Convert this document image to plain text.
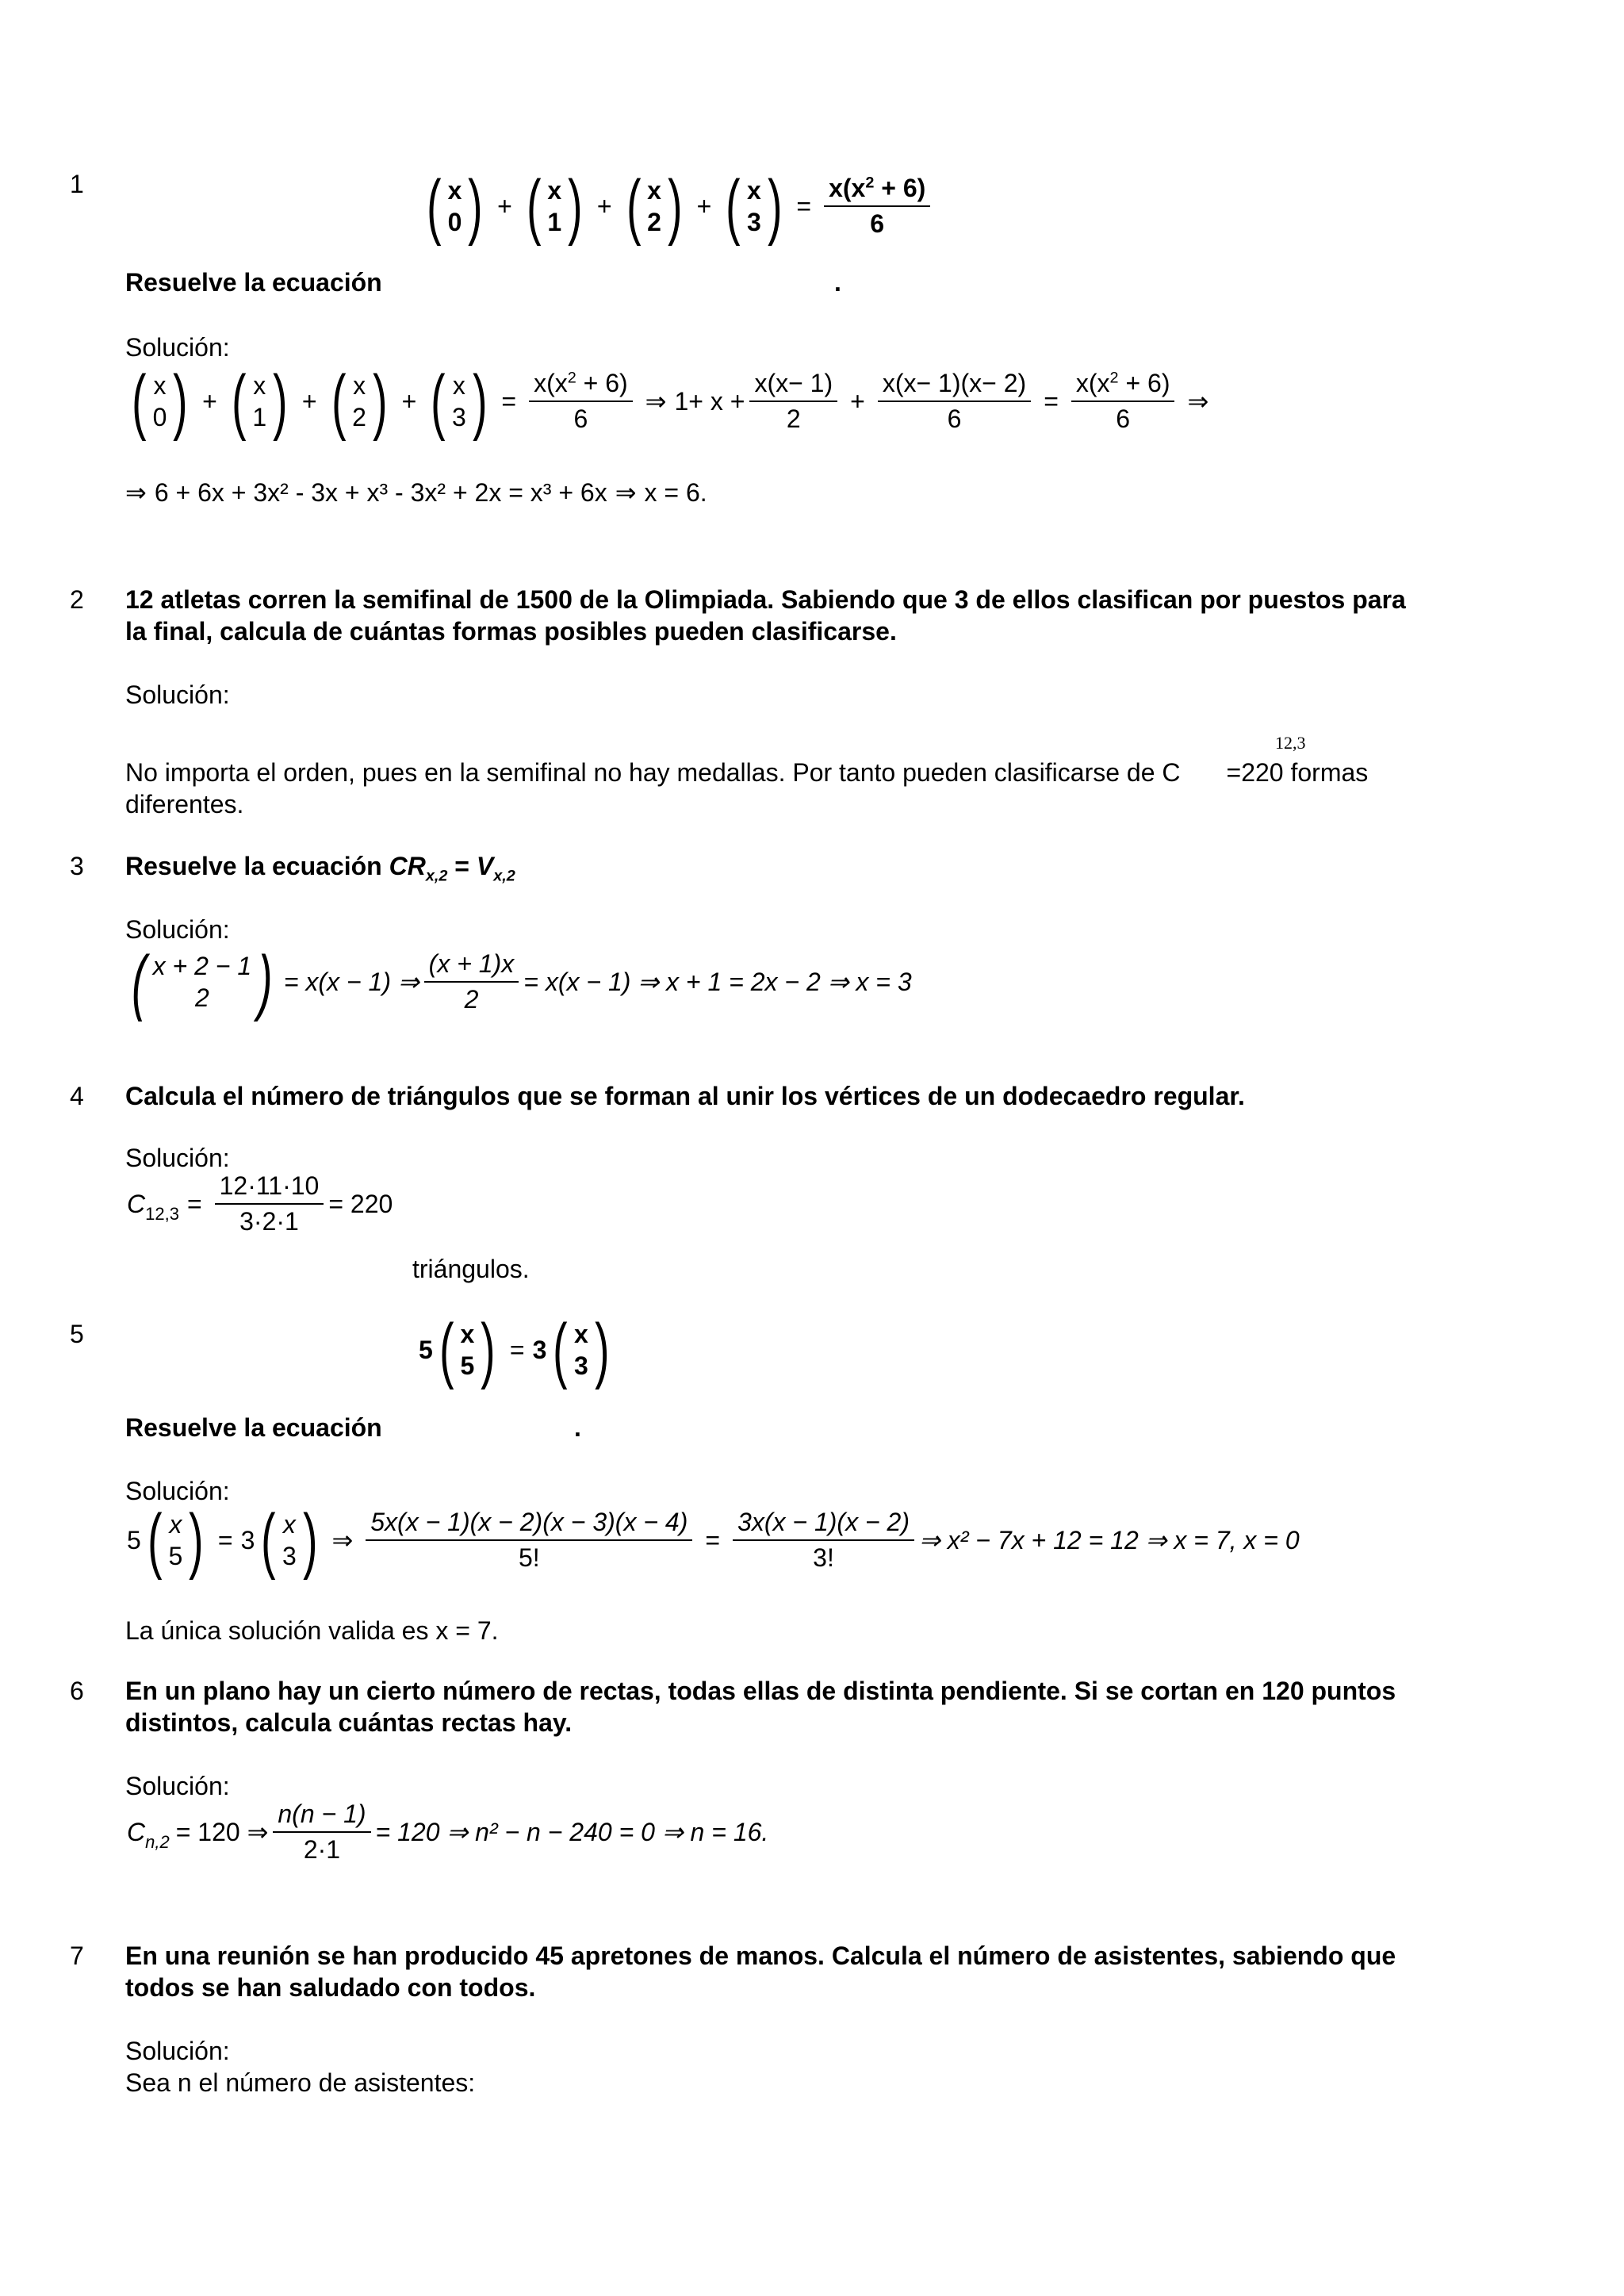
1	( x
0 ) + ( x
1 ) + ( x
2 ) + ( x
3 ) = $\frac{x(x^2 + 6)}{6}$
Resuelve la ecuación	.
Solución:
( x
0 ) + ( x
1 ) + ( x
2 ) + ( x
3 ) = $\frac{x(x^2 + 6)}{6}$ ⇒ $1+ x + \frac{x(x- 1)}{2} + \frac{x(x- 1)(x- 2)}{6} = \frac{x(x^2 + 6)}{6}$ ⇒
⇒ 6 + 6x + 3x² - 3x + x³ - 3x² + 2x = x³ + 6x ⇒ x = 6.
2 12 atletas corren la semifinal de 1500 de la Olimpiada. Sabiendo que 3 de ellos clasifican por puestos para
la final, calcula de cuántas formas posibles pueden clasificarse.
Solución:
12,3
No importa el orden, pues en la semifinal no hay medallas. Por tanto pueden clasificarse de C =220 formas
diferentes.
3 Resuelve la ecuación $CR_{x,2} = V_{x,2}$
Solución:
( x + 2 − 1
2 ) = x(x − 1) ⇒ $\frac{(x + 1)x}{2} = x(x - 1)$ ⇒ x + 1 = 2x − 2 ⇒ x = 3
4 Calcula el número de triángulos que se forman al unir los vértices de un dodecaedro regular.
Solución:
$C_{12,3} = \frac{12\cdot 11\cdot 10}{3\cdot 2\cdot 1} = 220$
triángulos.
5
5 ( x
5 ) = 3 ( x
3 )
Resuelve la ecuación	.
Solución:
5 ( x
5 ) = 3 ( x
3 ) ⇒ $\frac{5x(x - 1)(x - 2)(x - 3)(x - 4)}{5!} = \frac{3x(x - 1)(x - 2)}{3!}$ ⇒ x² − 7x + 12 = 12 ⇒ x = 7, x = 0
La única solución valida es x = 7.
6 En un plano hay un cierto número de rectas, todas ellas de distinta pendiente. Si se cortan en 120 puntos
distintos, calcula cuántas rectas hay.
Solución:
$C_{n,2} = 120$ ⇒ $\frac{n(n - 1)}{2\cdot 1} = 120$ ⇒ n² − n − 240 = 0 ⇒ n = 16.
7 En una reunión se han producido 45 apretones de manos. Calcula el número de asistentes, sabiendo que
todos se han saludado con todos.
Solución:
Sea n el número de asistentes:
